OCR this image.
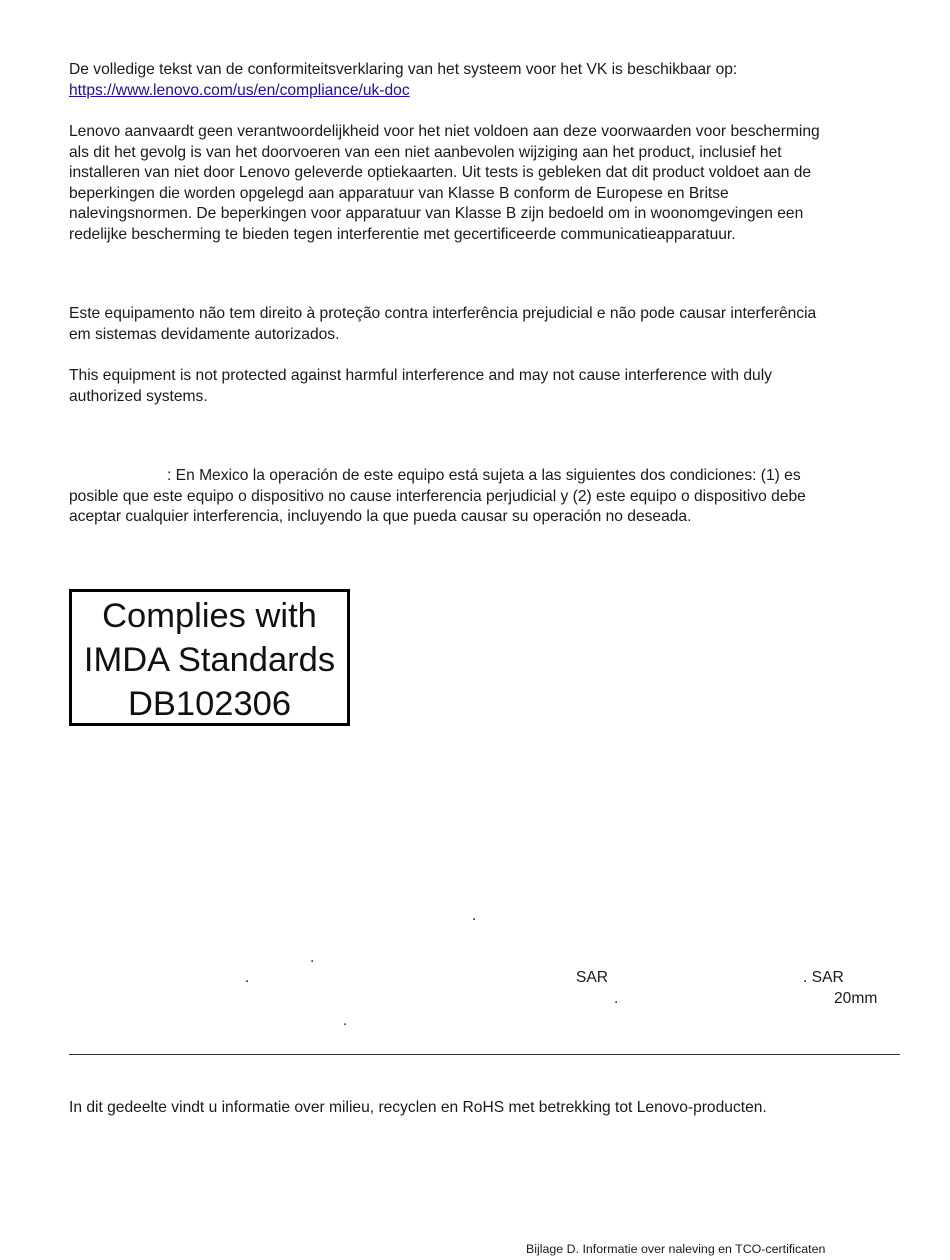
De volledige tekst van de conformiteitsverklaring van het systeem voor het VK is beschikbaar op:
https://www.lenovo.com/us/en/compliance/uk-doc
Lenovo aanvaardt geen verantwoordelijkheid voor het niet voldoen aan deze voorwaarden voor bescherming
als dit het gevolg is van het doorvoeren van een niet aanbevolen wijziging aan het product, inclusief het
installeren van niet door Lenovo geleverde optiekaarten. Uit tests is gebleken dat dit product voldoet aan de
beperkingen die worden opgelegd aan apparatuur van Klasse B conform de Europese en Britse
nalevingsnormen. De beperkingen voor apparatuur van Klasse B zijn bedoeld om in woonomgevingen een
redelijke bescherming te bieden tegen interferentie met gecertificeerde communicatieapparatuur.
Este equipamento não tem direito à proteção contra interferência prejudicial e não pode causar interferência
em sistemas devidamente autorizados.
This equipment is not protected against harmful interference and may not cause interference with duly
authorized systems.
: En Mexico la operación de este equipo está sujeta a las siguientes dos condiciones: (1) es
posible que este equipo o dispositivo no cause interferencia perjudicial y (2) este equipo o dispositivo debe
aceptar cualquier interferencia, incluyendo la que pueda causar su operación no deseada.
Complies with
IMDA Standards
DB102306
.
.
.	SAR	. SAR
.	20mm
.
In dit gedeelte vindt u informatie over milieu, recyclen en RoHS met betrekking tot Lenovo-producten.
Bijlage D. Informatie over naleving en TCO-certificaten
